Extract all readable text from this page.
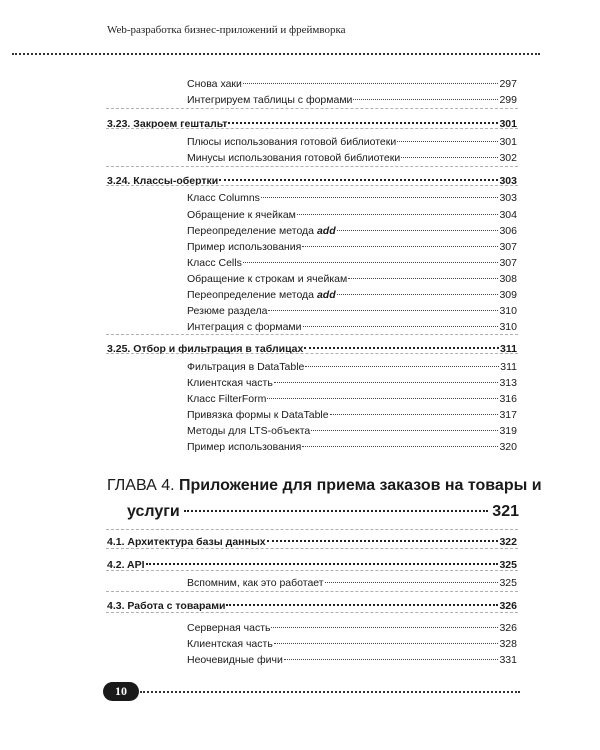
Web-разработка бизнес-приложений и фреймворка
Снова хаки	297
Интегрируем таблицы с формами	299
3.23. Закроем гештальт	301
Плюсы использования готовой библиотеки	301
Минусы использования готовой библиотеки	302
3.24. Классы-обертки	303
Класс Columns	303
Обращение к ячейкам	304
Переопределение метода add	306
Пример использования	307
Класс Cells	307
Обращение к строкам и ячейкам	308
Переопределение метода add	309
Резюме раздела	310
Интеграция с формами	310
3.25. Отбор и фильтрация в таблицах	311
Фильтрация в DataTable	311
Клиентская часть	313
Класс FilterForm	316
Привязка формы к DataTable	317
Методы для LTS-объекта	319
Пример использования	320
ГЛАВА 4. Приложение для приема заказов на товары и
услуги	321
4.1. Архитектура базы данных	322
4.2. API	325
Вспомним, как это работает	325
4.3. Работа с товарами	326
Серверная часть	326
Клиентская часть	328
Неочевидные фичи	331
10
